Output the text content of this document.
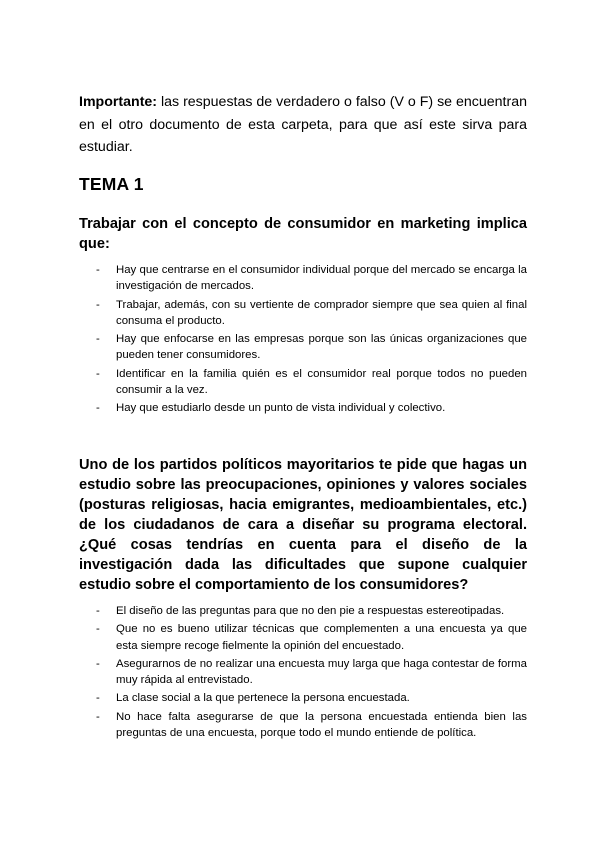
Importante: las respuestas de verdadero o falso (V o F) se encuentran en el otro documento de esta carpeta, para que así este sirva para estudiar.

TEMA 1
Trabajar con el concepto de consumidor en marketing implica que:
- Hay que centrarse en el consumidor individual porque del mercado se encarga la investigación de mercados.
- Trabajar, además, con su vertiente de comprador siempre que sea quien al final consuma el producto.
- Hay que enfocarse en las empresas porque son las únicas organizaciones que pueden tener consumidores.
- Identificar en la familia quién es el consumidor real porque todos no pueden consumir a la vez.
- Hay que estudiarlo desde un punto de vista individual y colectivo.
Uno de los partidos políticos mayoritarios te pide que hagas un estudio sobre las preocupaciones, opiniones y valores sociales (posturas religiosas, hacia emigrantes, medioambientales, etc.) de los ciudadanos de cara a diseñar su programa electoral. ¿Qué cosas tendrías en cuenta para el diseño de la investigación dada las dificultades que supone cualquier estudio sobre el comportamiento de los consumidores?
- El diseño de las preguntas para que no den pie a respuestas estereotipadas.
- Que no es bueno utilizar técnicas que complementen a una encuesta ya que esta siempre recoge fielmente la opinión del encuestado.
- Asegurarnos de no realizar una encuesta muy larga que haga contestar de forma muy rápida al entrevistado.
- La clase social a la que pertenece la persona encuestada.
- No hace falta asegurarse de que la persona encuestada entienda bien las preguntas de una encuesta, porque todo el mundo entiende de política.
